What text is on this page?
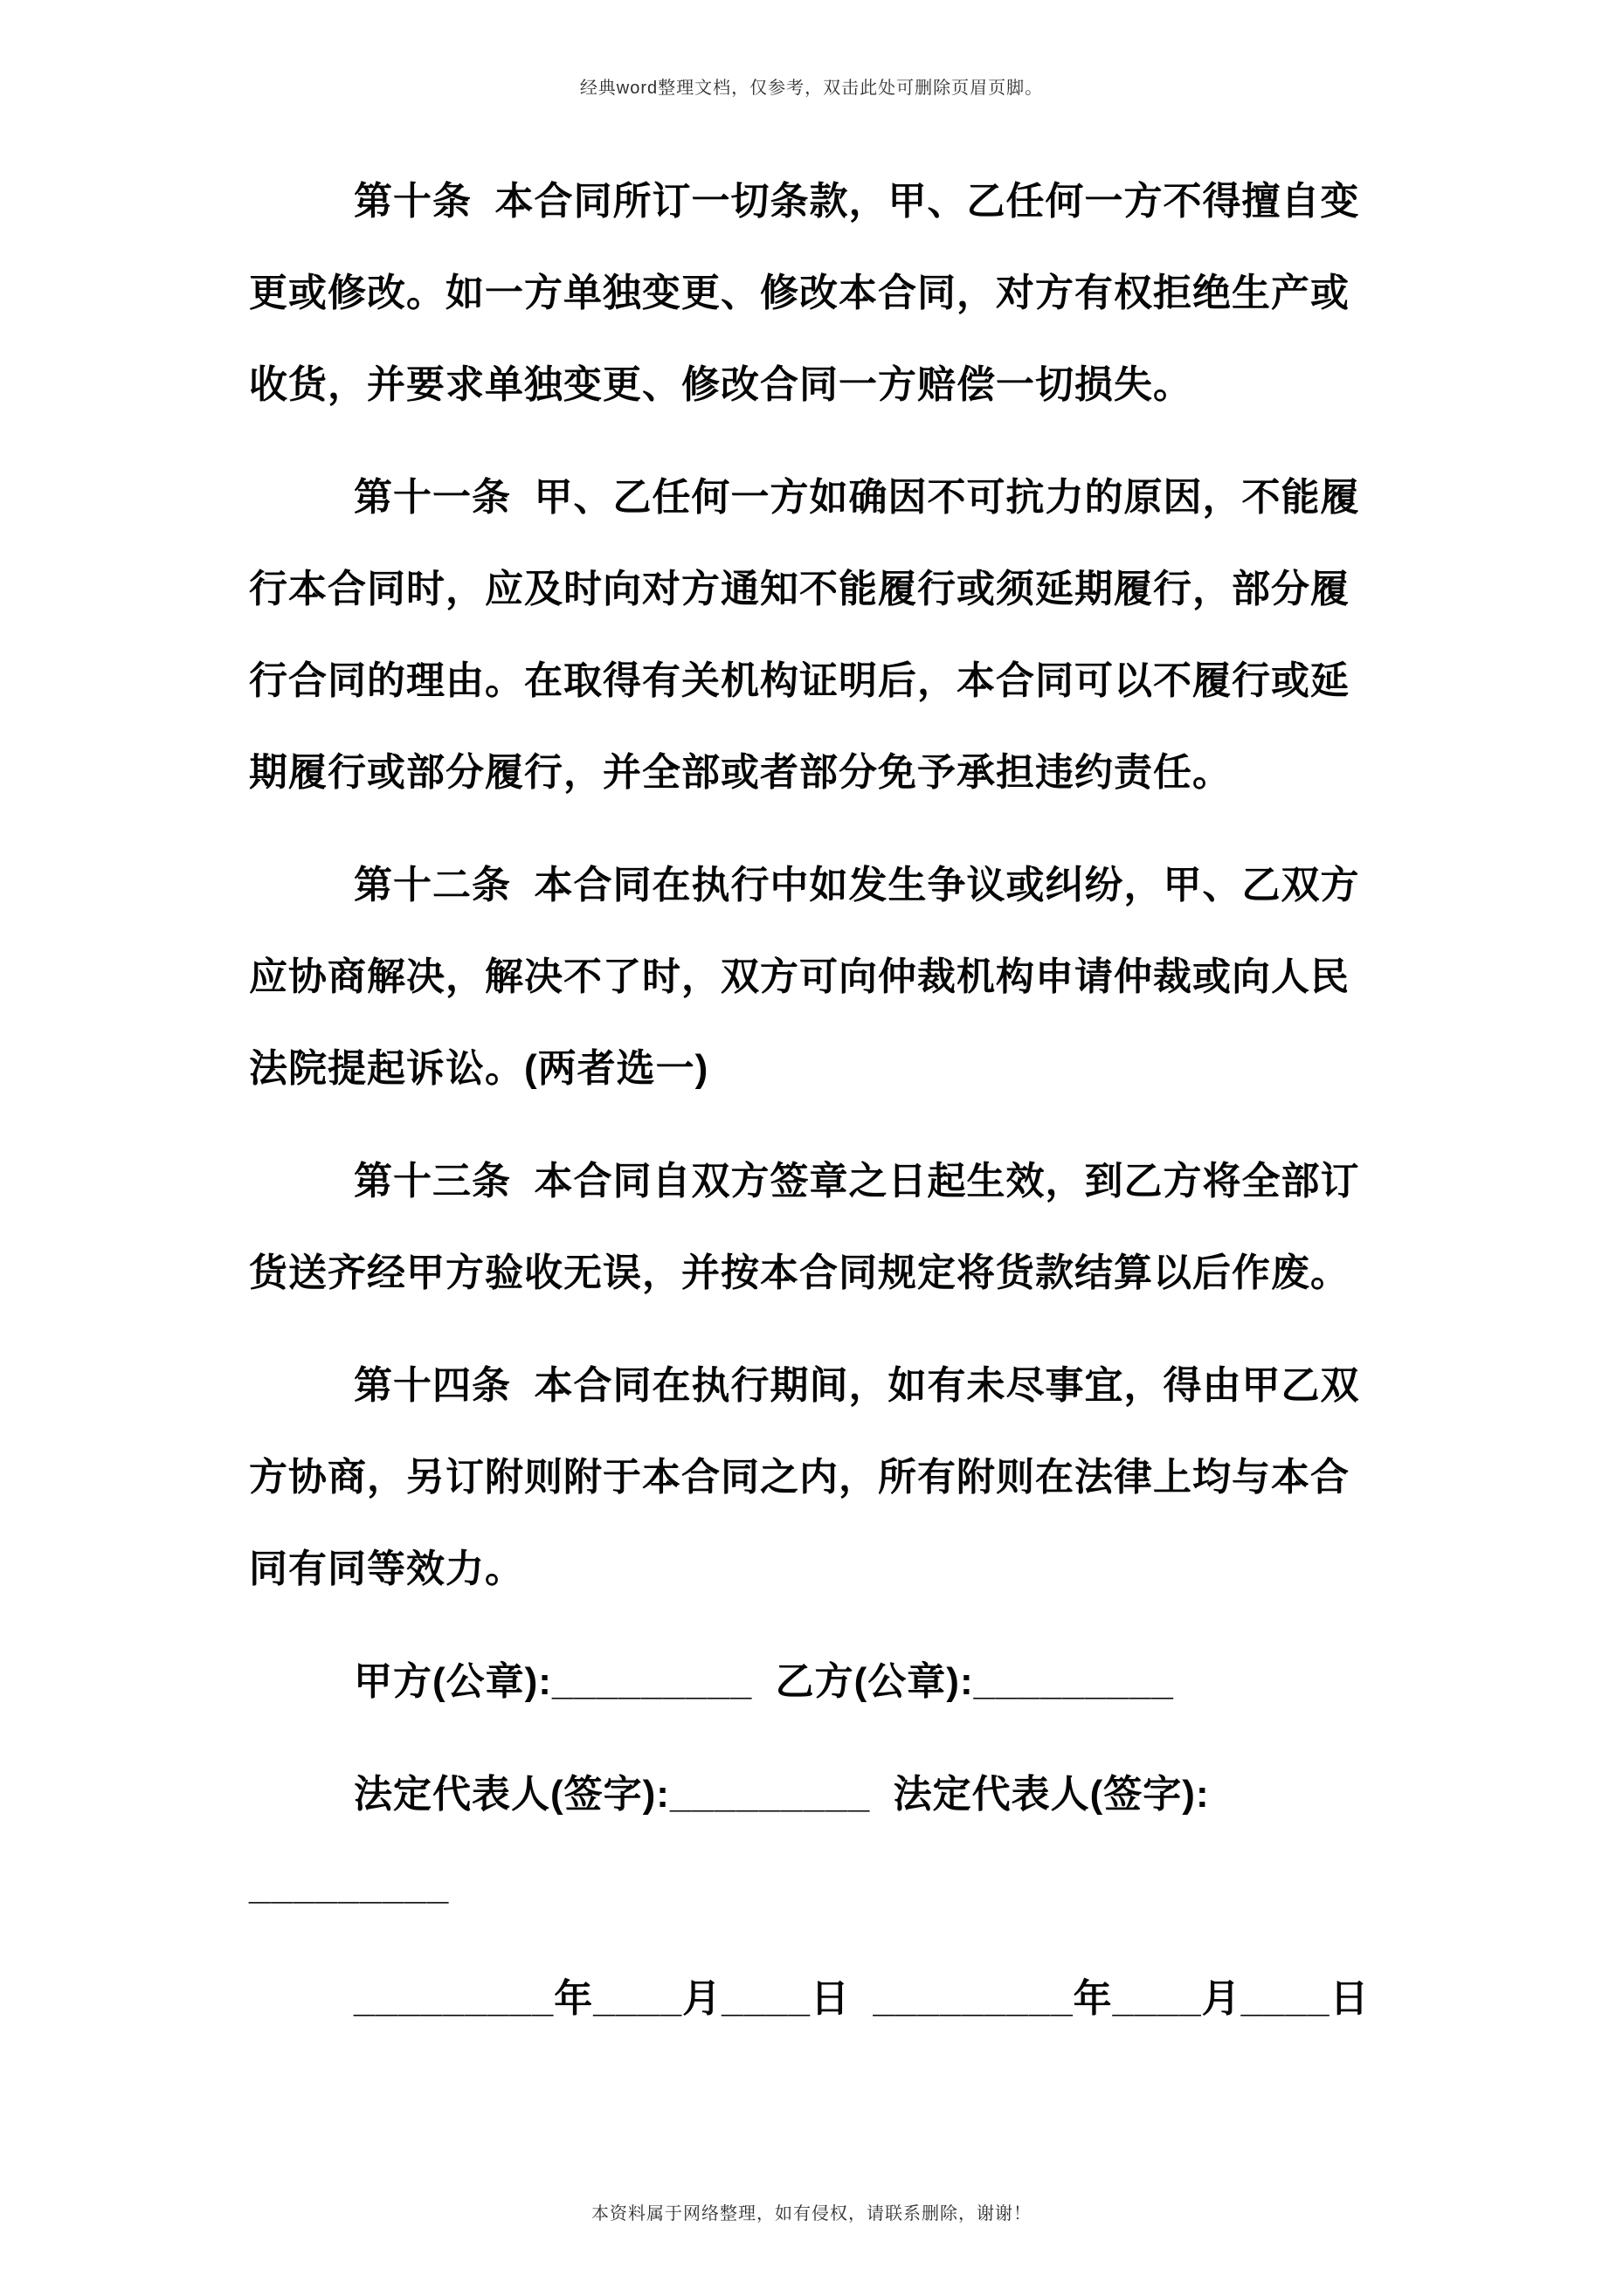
经典word整理文档，仅参考，双击此处可删除页眉页脚。
第十条  本合同所订一切条款，甲、乙任何一方不得擅自变
更或修改。如一方单独变更、修改本合同，对方有权拒绝生产或
收货，并要求单独变更、修改合同一方赔偿一切损失。
第十一条  甲、乙任何一方如确因不可抗力的原因，不能履
行本合同时，应及时向对方通知不能履行或须延期履行，部分履
行合同的理由。在取得有关机构证明后，本合同可以不履行或延
期履行或部分履行，并全部或者部分免予承担违约责任。
第十二条  本合同在执行中如发生争议或纠纷，甲、乙双方
应协商解决，解决不了时，双方可向仲裁机构申请仲裁或向人民
法院提起诉讼。(两者选一)
第十三条  本合同自双方签章之日起生效，到乙方将全部订
货送齐经甲方验收无误，并按本合同规定将货款结算以后作废。
第十四条  本合同在执行期间，如有未尽事宜，得由甲乙双
方协商，另订附则附于本合同之内，所有附则在法律上均与本合
同有同等效力。
甲方(公章):_________  乙方(公章):_________
法定代表人(签字):_________  法定代表人(签字):
_________
_________年____月____日  _________年____月____日
本资料属于网络整理，如有侵权，请联系删除，谢谢！
